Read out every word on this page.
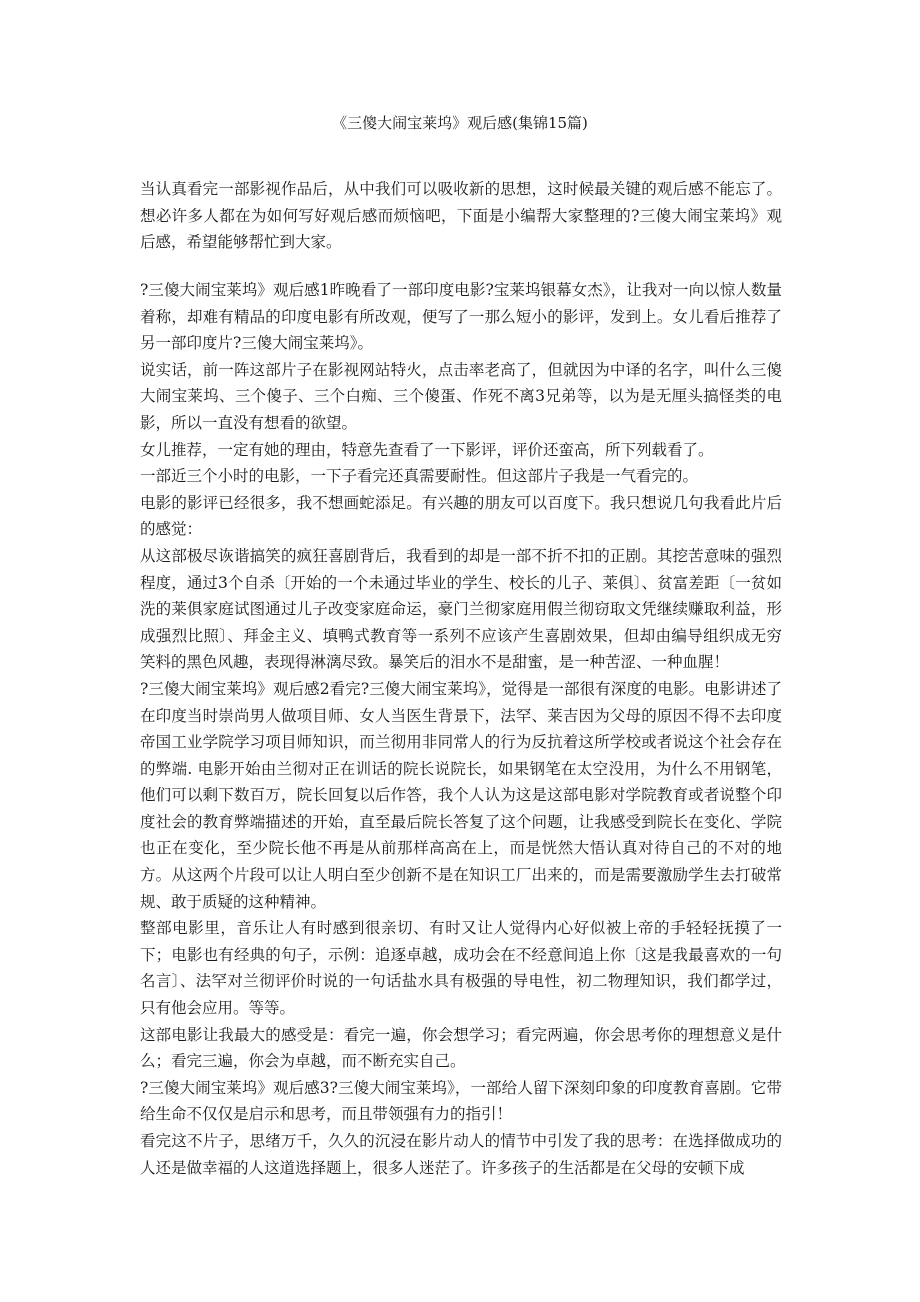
《三傻大闹宝莱坞》观后感(集锦15篇)

当认真看完一部影视作品后，从中我们可以吸收新的思想，这时候最关键的观后感不能忘了。想必许多人都在为如何写好观后感而烦恼吧，下面是小编帮大家整理的?三傻大闹宝莱坞》观后感，希望能够帮忙到大家。

?三傻大闹宝莱坞》观后感1昨晚看了一部印度电影?宝莱坞银幕女杰》，让我对一向以惊人数量着称，却难有精品的印度电影有所改观，便写了一那么短小的影评，发到上。女儿看后推荐了另一部印度片?三傻大闹宝莱坞》。

说实话，前一阵这部片子在影视网站特火，点击率老高了，但就因为中译的名字，叫什么三傻大闹宝莱坞、三个傻子、三个白痴、三个傻蛋、作死不离3兄弟等，以为是无厘头搞怪类的电影，所以一直没有想看的欲望。

女儿推荐，一定有她的理由，特意先查看了一下影评，评价还蛮高，所下列载看了。

一部近三个小时的电影，一下子看完还真需要耐性。但这部片子我是一气看完的。

电影的影评已经很多，我不想画蛇添足。有兴趣的朋友可以百度下。我只想说几句我看此片后的感觉：

从这部极尽诙谐搞笑的疯狂喜剧背后，我看到的却是一部不折不扣的正剧。其挖苦意味的强烈程度，通过3个自杀〔开始的一个未通过毕业的学生、校长的儿子、莱俱〕、贫富差距〔一贫如洗的莱俱家庭试图通过儿子改变家庭命运，豪门兰彻家庭用假兰彻窃取文凭继续赚取利益，形成强烈比照〕、拜金主义、填鸭式教育等一系列不应该产生喜剧效果，但却由编导组织成无穷笑料的黑色风趣，表现得淋漓尽致。暴笑后的泪水不是甜蜜，是一种苦涩、一种血腥！

?三傻大闹宝莱坞》观后感2看完?三傻大闹宝莱坞》，觉得是一部很有深度的电影。电影讲述了在印度当时崇尚男人做项目师、女人当医生背景下，法罕、莱吉因为父母的原因不得不去印度帝国工业学院学习项目师知识，而兰彻用非同常人的行为反抗着这所学校或者说这个社会存在的弊端. 电影开始由兰彻对正在训话的院长说院长，如果钢笔在太空没用，为什么不用钢笔，他们可以剩下数百万，院长回复以后作答，我个人认为这是这部电影对学院教育或者说整个印度社会的教育弊端描述的开始，直至最后院长答复了这个问题，让我感受到院长在变化、学院也正在变化，至少院长他不再是从前那样高高在上，而是恍然大悟认真对待自己的不对的地方。从这两个片段可以让人明白至少创新不是在知识工厂出来的，而是需要激励学生去打破常规、敢于质疑的这种精神。

整部电影里，音乐让人有时感到很亲切、有时又让人觉得内心好似被上帝的手轻轻抚摸了一下；电影也有经典的句子，示例：追逐卓越，成功会在不经意间追上你〔这是我最喜欢的一句名言〕、法罕对兰彻评价时说的一句话盐水具有极强的导电性，初二物理知识，我们都学过，只有他会应用。等等。

这部电影让我最大的感受是：看完一遍，你会想学习；看完两遍，你会思考你的理想意义是什么；看完三遍，你会为卓越，而不断充实自己。

?三傻大闹宝莱坞》观后感3?三傻大闹宝莱坞》，一部给人留下深刻印象的印度教育喜剧。它带给生命不仅仅是启示和思考，而且带领强有力的指引！

看完这不片子，思绪万千，久久的沉浸在影片动人的情节中引发了我的思考：在选择做成功的人还是做幸福的人这道选择题上，很多人迷茫了。许多孩子的生活都是在父母的安顿下成
